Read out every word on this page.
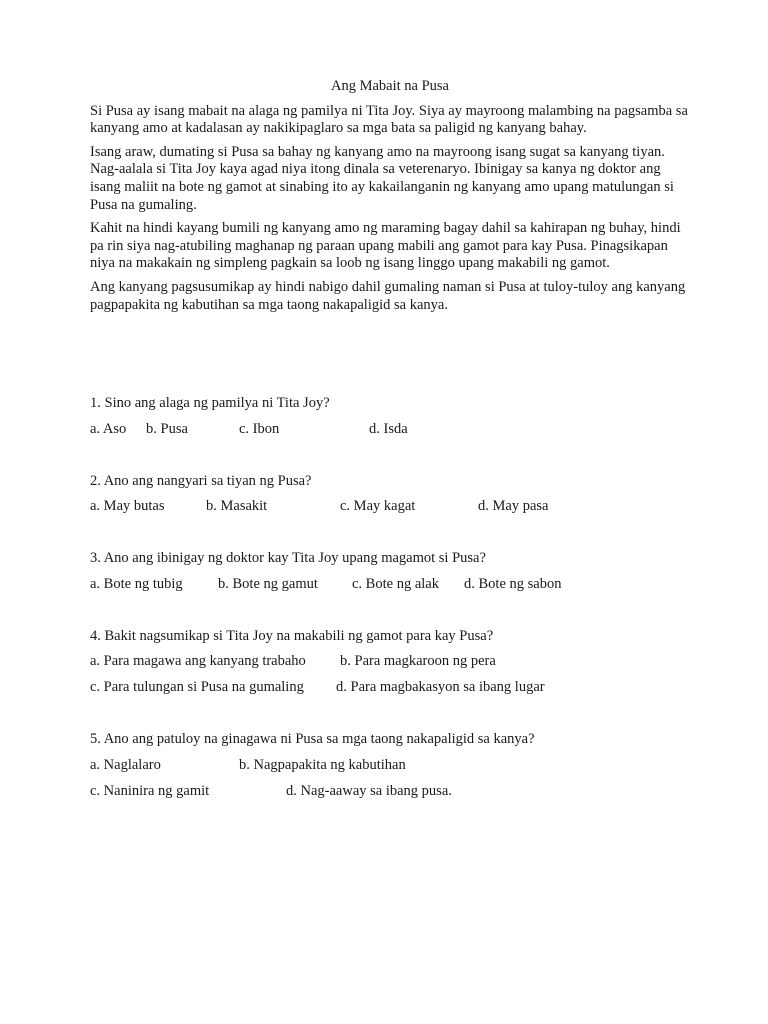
Ang Mabait na Pusa

Si Pusa ay isang mabait na alaga ng pamilya ni Tita Joy. Siya ay mayroong malambing na pagsamba sa kanyang amo at kadalasan ay nakikipaglaro sa mga bata sa paligid ng kanyang bahay.

Isang araw, dumating si Pusa sa bahay ng kanyang amo na mayroong isang sugat sa kanyang tiyan. Nag-aalala si Tita Joy kaya agad niya itong dinala sa veterenaryo. Ibinigay sa kanya ng doktor ang isang maliit na bote ng gamot at sinabing ito ay kakailanganin ng kanyang amo upang matulungan si Pusa na gumaling.

Kahit na hindi kayang bumili ng kanyang amo ng maraming bagay dahil sa kahirapan ng buhay, hindi pa rin siya nag-atubiling maghanap ng paraan upang mabili ang gamot para kay Pusa. Pinagsikapan niya na makakain ng simpleng pagkain sa loob ng isang linggo upang makabili ng gamot.

Ang kanyang pagsusumikap ay hindi nabigo dahil gumaling naman si Pusa at tuloy-tuloy ang kanyang pagpapakita ng kabutihan sa mga taong nakapaligid sa kanya.

1. Sino ang alaga ng pamilya ni Tita Joy?

a. Aso

b. Pusa

	c. Ibon

	d. Isda

2. Ano ang nangyari sa tiyan ng Pusa?

a. May butas

	b. Masakit

	c. May kagat

	d. May pasa

3. Ano ang ibinigay ng doktor kay Tita Joy upang magamot si Pusa?

a. Bote ng tubig

b. Bote ng gamut

c. Bote ng alak

d. Bote ng sabon

4. Bakit nagsumikap si Tita Joy na makabili ng gamot para kay Pusa?

a. Para magawa ang kanyang trabaho

b. Para magkaroon ng pera

c. Para tulungan si Pusa na gumaling

d. Para magbakasyon sa ibang lugar

5. Ano ang patuloy na ginagawa ni Pusa sa mga taong nakapaligid sa kanya?

a. Naglalaro

	b. Nagpapakita ng kabutihan

c. Naninira ng gamit

	d. Nag-aaway sa ibang pusa.
